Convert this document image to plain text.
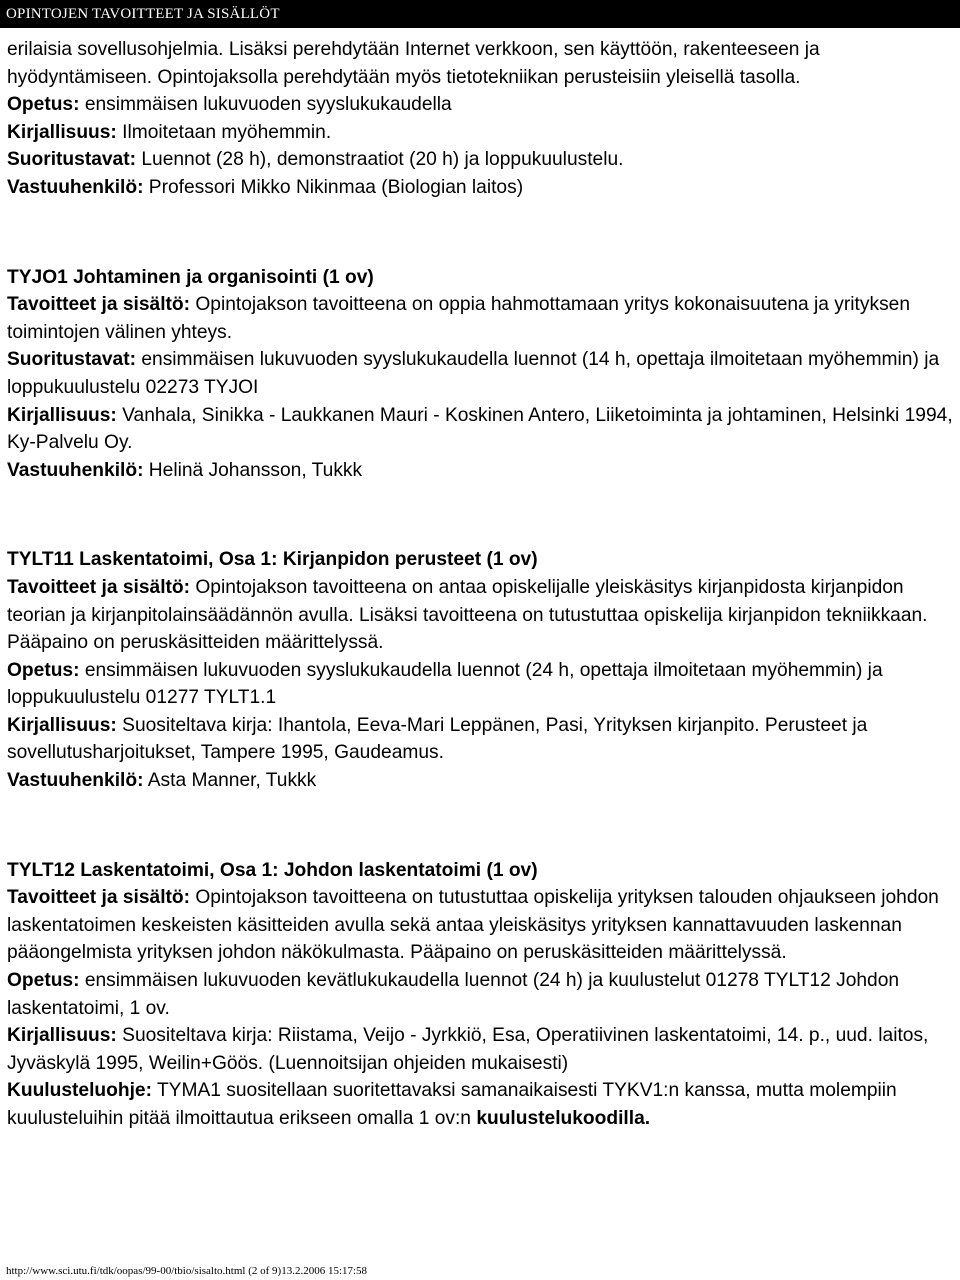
OPINTOJEN TAVOITTEET JA SISÄLLÖT

erilaisia sovellusohjelmia. Lisäksi perehdytään Internet verkkoon, sen käyttöön, rakenteeseen ja hyödyntämiseen. Opintojaksolla perehdytään myös tietotekniikan perusteisiin yleisellä tasolla.

Opetus: ensimmäisen lukuvuoden syyslukukaudella

Kirjallisuus: Ilmoitetaan myöhemmin.

Suoritustavat: Luennot (28 h), demonstraatiot (20 h) ja loppukuulustelu.

Vastuuhenkilö: Professori Mikko Nikinmaa (Biologian laitos)

TYJO1 Johtaminen ja organisointi (1 ov)

Tavoitteet ja sisältö: Opintojakson tavoitteena on oppia hahmottamaan yritys kokonaisuutena ja yrityksen toimintojen välinen yhteys.

Suoritustavat: ensimmäisen lukuvuoden syyslukukaudella luennot (14 h, opettaja ilmoitetaan myöhemmin) ja loppukuulustelu 02273 TYJOI

Kirjallisuus: Vanhala, Sinikka - Laukkanen Mauri - Koskinen Antero, Liiketoiminta ja johtaminen, Helsinki 1994, Ky-Palvelu Oy.

Vastuuhenkilö: Helinä Johansson, Tukkk

TYLT11 Laskentatoimi, Osa 1: Kirjanpidon perusteet (1 ov)

Tavoitteet ja sisältö: Opintojakson tavoitteena on antaa opiskelijalle yleiskäsitys kirjanpidosta kirjanpidon teorian ja kirjanpitolainsäädännön avulla. Lisäksi tavoitteena on tutustuttaa opiskelija kirjanpidon tekniikkaan. Pääpaino on peruskäsitteiden määrittelyssä.

Opetus: ensimmäisen lukuvuoden syyslukukaudella luennot (24 h, opettaja ilmoitetaan myöhemmin) ja loppukuulustelu 01277 TYLT1.1

Kirjallisuus: Suositeltava kirja: Ihantola, Eeva-Mari Leppänen, Pasi, Yrityksen kirjanpito. Perusteet ja sovellutusharjoitukset, Tampere 1995, Gaudeamus.

Vastuuhenkilö: Asta Manner, Tukkk

TYLT12 Laskentatoimi, Osa 1: Johdon laskentatoimi (1 ov)

Tavoitteet ja sisältö: Opintojakson tavoitteena on tutustuttaa opiskelija yrityksen talouden ohjaukseen johdon laskentatoimen keskeisten käsitteiden avulla sekä antaa yleiskäsitys yrityksen kannattavuuden laskennan pääongelmista yrityksen johdon näkökulmasta. Pääpaino on peruskäsitteiden määrittelyssä.

Opetus: ensimmäisen lukuvuoden kevätlukukaudella luennot (24 h) ja kuulustelut 01278 TYLT12 Johdon laskentatoimi, 1 ov.

Kirjallisuus: Suositeltava kirja: Riistama, Veijo - Jyrkkiö, Esa, Operatiivinen laskentatoimi, 14. p., uud. laitos, Jyväskylä 1995, Weilin+Göös. (Luennoitsijan ohjeiden mukaisesti)

Kuulusteluohje: TYMA1 suositellaan suoritettavaksi samanaikaisesti TYKV1:n kanssa, mutta molempiin kuulusteluihin pitää ilmoittautua erikseen omalla 1 ov:n kuulustelukoodilla.

http://www.sci.utu.fi/tdk/oopas/99-00/tbio/sisalto.html (2 of 9)13.2.2006 15:17:58
